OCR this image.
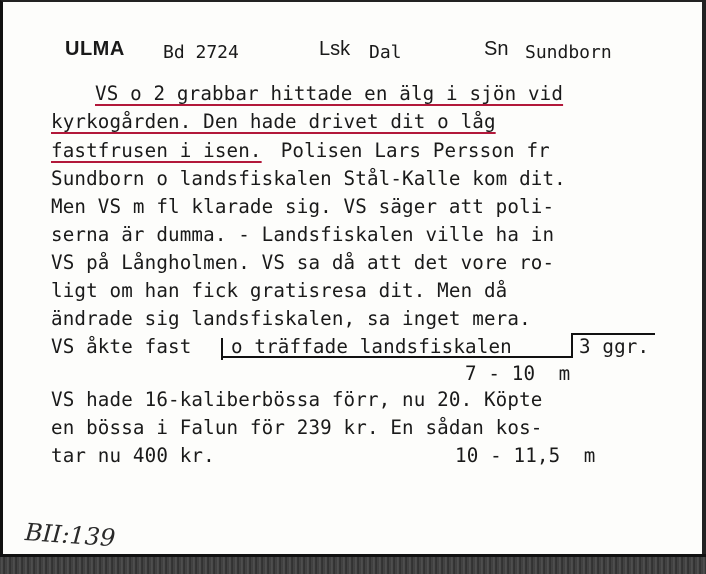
ULMA Bd 2724	Lsk Dal	Sn Sundborn
VS o 2 grabbar hittade en älg i sjön vid
kyrkogården. Den hade drivet dit o låg
fastfrusen i isen. Polisen Lars Persson fr
Sundborn o landsfiskalen Stål-Kalle kom dit.
Men VS m fl klarade sig. VS säger att poli-
serna är dumma. - Landsfiskalen ville ha in
VS på Långholmen. VS sa då att det vore ro-
ligt om han fick gratisresa dit. Men då
ändrade sig landsfiskalen, sa inget mera.
VS åkte fast o träffade landsfiskalen	3 ggr.
7 - 10  m
VS hade 16-kaliberbössa förr, nu 20. Köpte
en bössa i Falun för 239 kr. En sådan kos-
tar nu 400 kr.	10 - 11,5  m
BII:139
